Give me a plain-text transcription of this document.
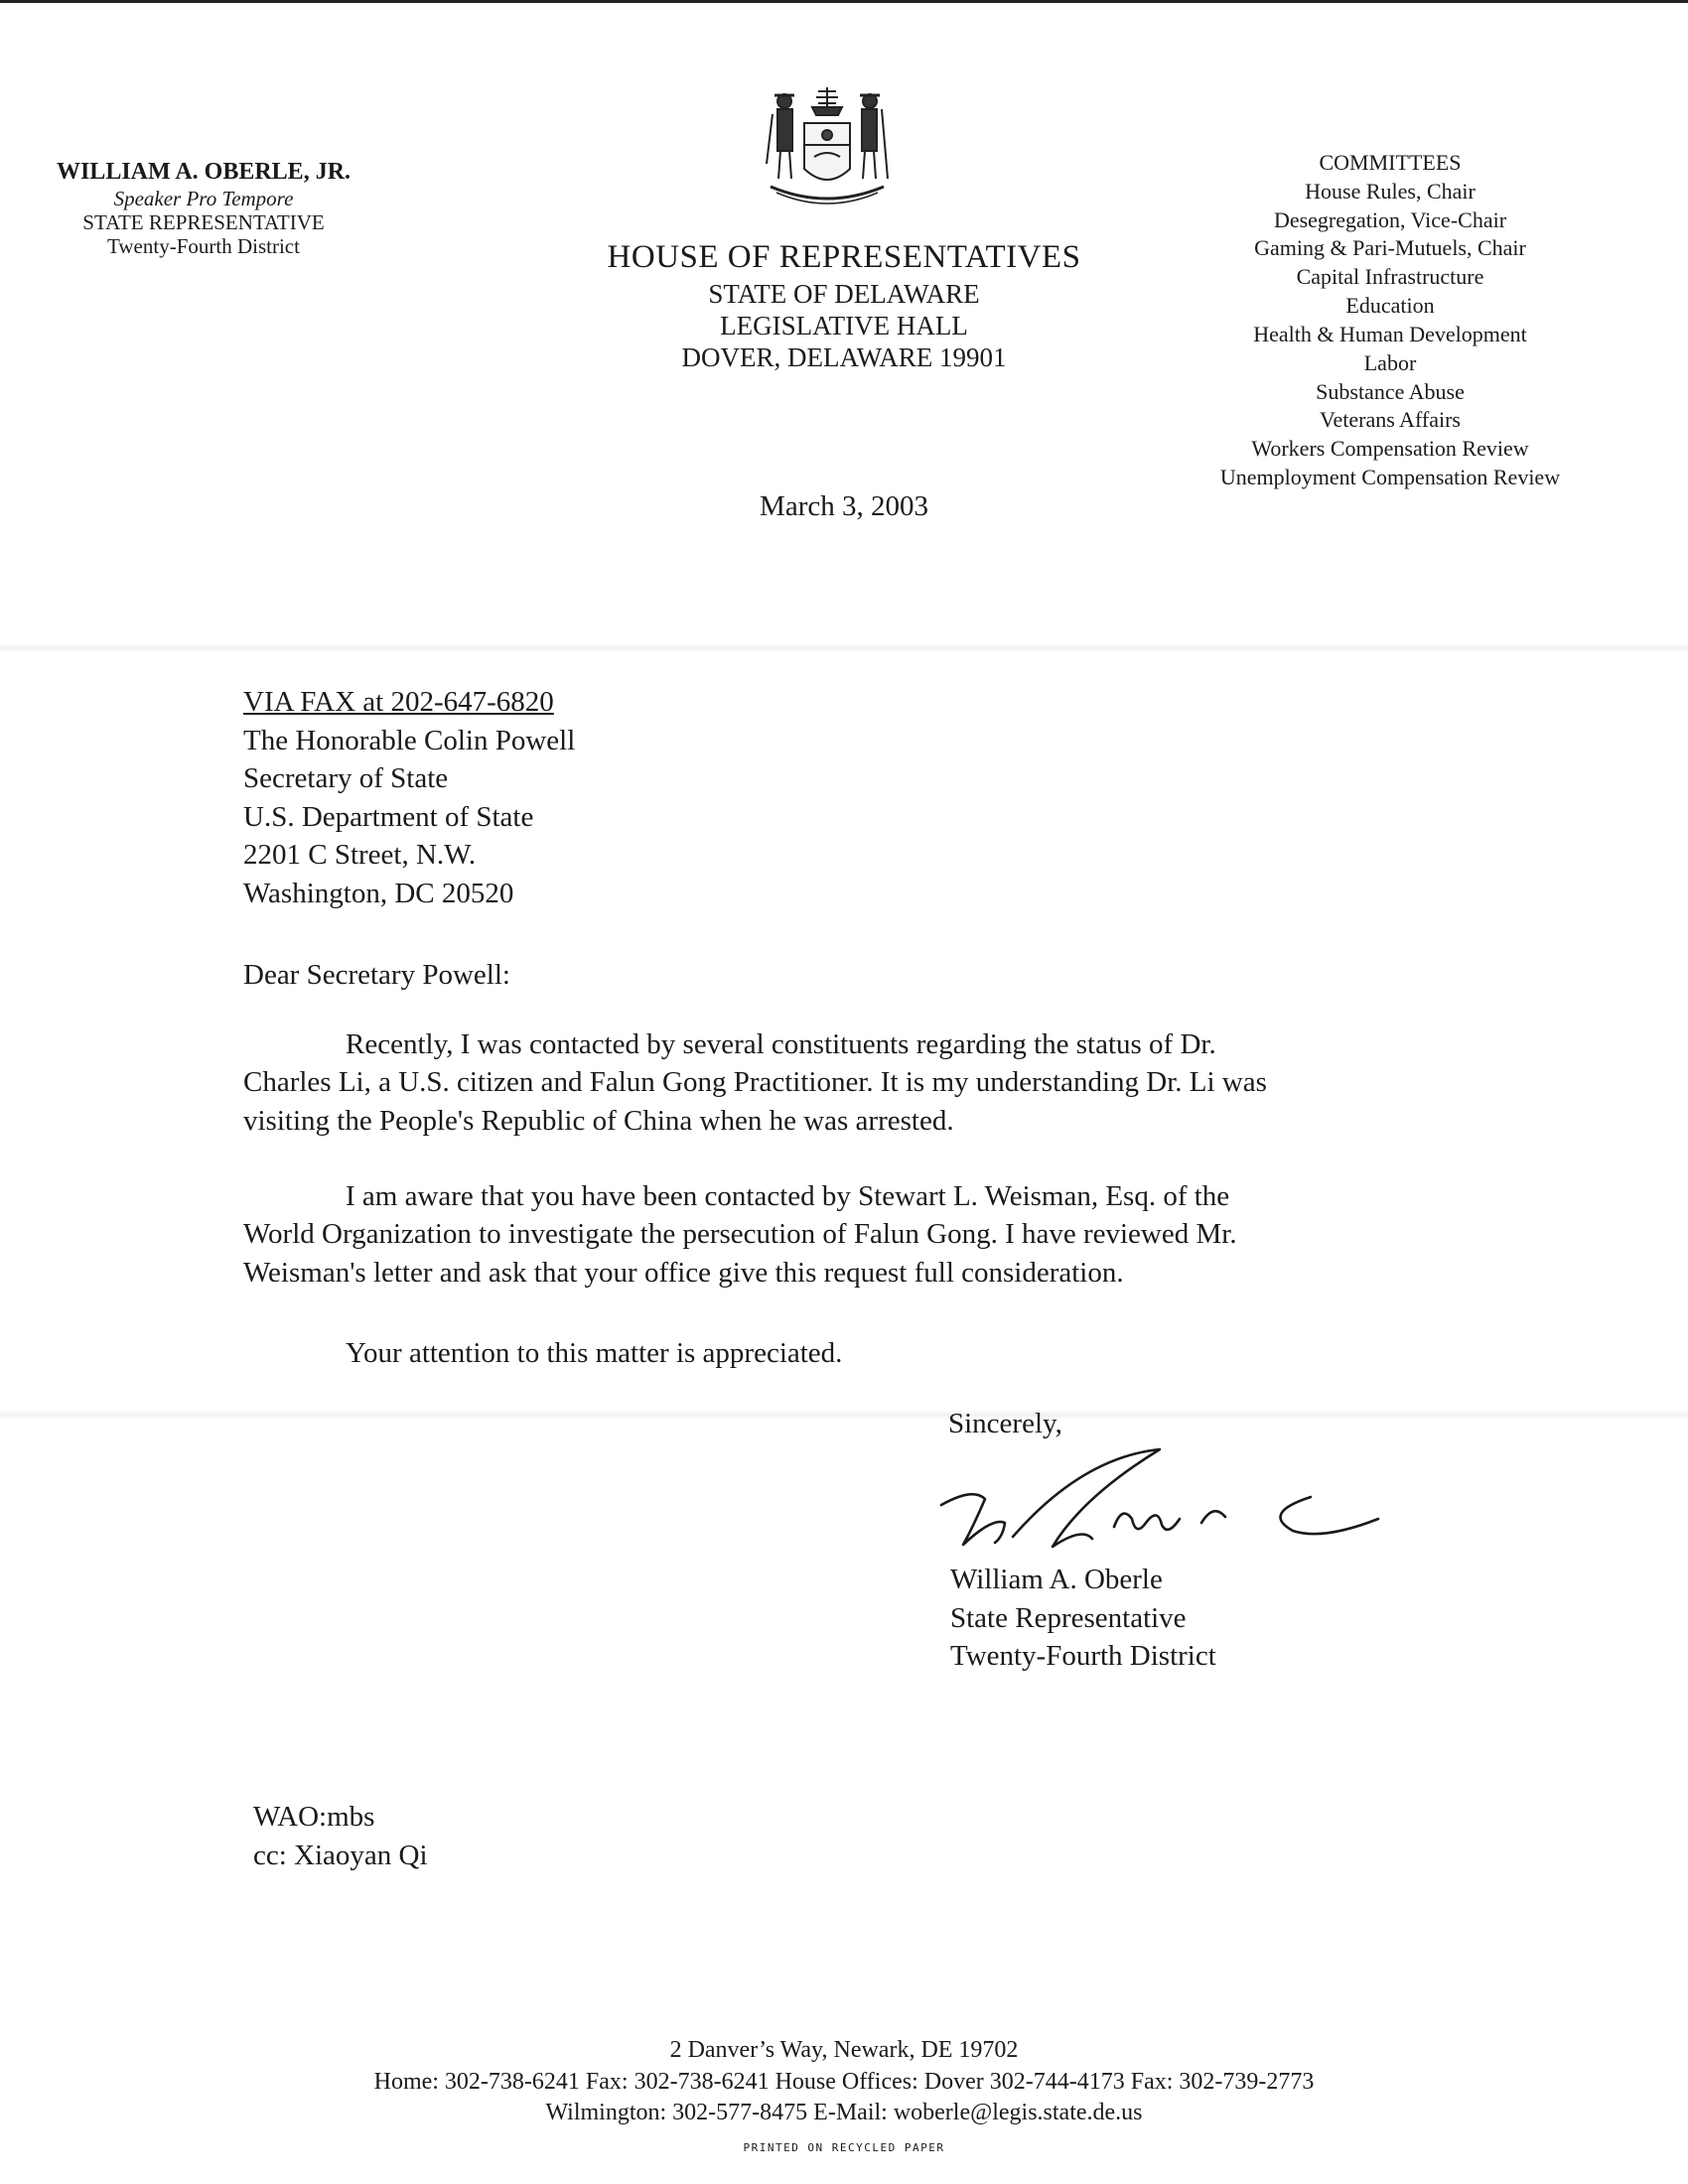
WILLIAM A. OBERLE, JR.
Speaker Pro Tempore
STATE REPRESENTATIVE
Twenty-Fourth District	HOUSE OF REPRESENTATIVES
STATE OF DELAWARE
LEGISLATIVE HALL
DOVER, DELAWARE 19901
COMMITTEES
House Rules, Chair
Desegregation, Vice-Chair
Gaming & Pari-Mutuels, Chair
Capital Infrastructure
Education
Health & Human Development
Labor
Substance Abuse
Veterans Affairs
Workers Compensation Review
Unemployment Compensation Review
March 3, 2003
VIA FAX at 202-647-6820
The Honorable Colin Powell
Secretary of State
U.S. Department of State
2201 C Street, N.W.
Washington, DC 20520
Dear Secretary Powell:
Recently, I was contacted by several constituents regarding the status of Dr.
Charles Li, a U.S. citizen and Falun Gong Practitioner. It is my understanding Dr. Li was
visiting the People's Republic of China when he was arrested.
I am aware that you have been contacted by Stewart L. Weisman, Esq. of the
World Organization to investigate the persecution of Falun Gong. I have reviewed Mr.
Weisman's letter and ask that your office give this request full consideration.
Your attention to this matter is appreciated.
Sincerely,
William A. Oberle
State Representative
Twenty-Fourth District
WAO:mbs
cc: Xiaoyan Qi
2 Danver’s Way, Newark, DE 19702
Home: 302-738-6241 Fax: 302-738-6241 House Offices: Dover 302-744-4173 Fax: 302-739-2773
Wilmington: 302-577-8475 E-Mail: woberle@legis.state.de.us
PRINTED ON RECYCLED PAPER
